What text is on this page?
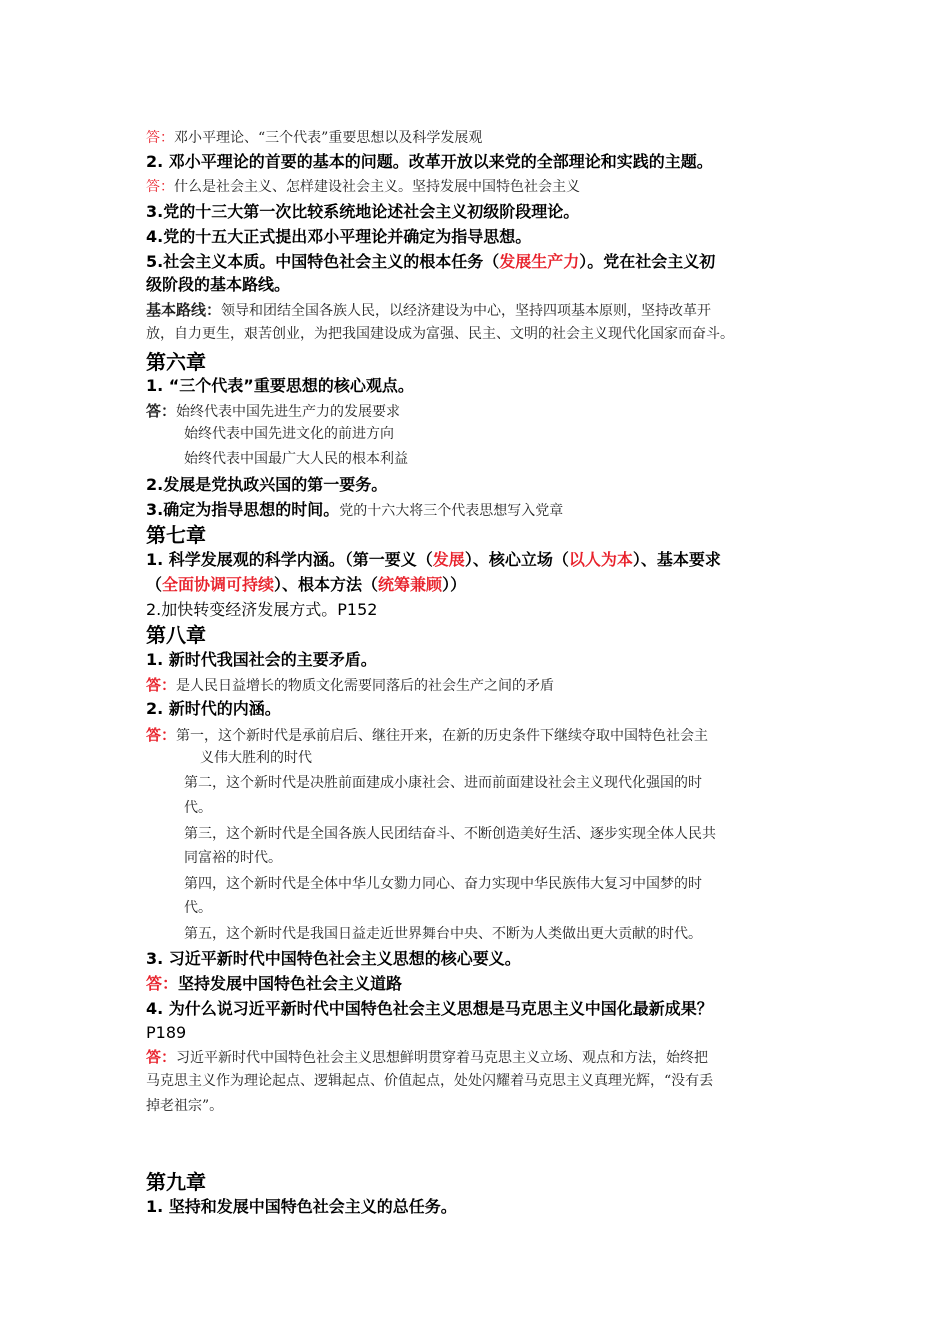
答：邓小平理论、“三个代表”重要思想以及科学发展观
2. 邓小平理论的首要的基本的问题。改革开放以来党的全部理论和实践的主题。
答：什么是社会主义、怎样建设社会主义。坚持发展中国特色社会主义
3.党的十三大第一次比较系统地论述社会主义初级阶段理论。
4.党的十五大正式提出邓小平理论并确定为指导思想。
5.社会主义本质。中国特色社会主义的根本任务（发展生产力）。党在社会主义初
级阶段的基本路线。
基本路线：领导和团结全国各族人民，以经济建设为中心，坚持四项基本原则，坚持改革开
放，自力更生，艰苦创业，为把我国建设成为富强、民主、文明的社会主义现代化国家而奋斗。
第六章
1. “三个代表”重要思想的核心观点。
答：始终代表中国先进生产力的发展要求
始终代表中国先进文化的前进方向
始终代表中国最广大人民的根本利益
2.发展是党执政兴国的第一要务。
3.确定为指导思想的时间。党的十六大将三个代表思想写入党章
第七章
1. 科学发展观的科学内涵。（第一要义（发展）、核心立场（以人为本）、基本要求
（全面协调可持续）、根本方法（统筹兼顾））
2.加快转变经济发展方式。P152
第八章
1. 新时代我国社会的主要矛盾。
答：是人民日益增长的物质文化需要同落后的社会生产之间的矛盾
2. 新时代的内涵。
答：第一，这个新时代是承前启后、继往开来，在新的历史条件下继续夺取中国特色社会主
义伟大胜利的时代
第二，这个新时代是决胜前面建成小康社会、进而前面建设社会主义现代化强国的时
代。
第三，这个新时代是全国各族人民团结奋斗、不断创造美好生活、逐步实现全体人民共
同富裕的时代。
第四，这个新时代是全体中华儿女勠力同心、奋力实现中华民族伟大复习中国梦的时
代。
第五，这个新时代是我国日益走近世界舞台中央、不断为人类做出更大贡献的时代。
3. 习近平新时代中国特色社会主义思想的核心要义。
答：坚持发展中国特色社会主义道路
4. 为什么说习近平新时代中国特色社会主义思想是马克思主义中国化最新成果？
P189
答：习近平新时代中国特色社会主义思想鲜明贯穿着马克思主义立场、观点和方法，始终把
马克思主义作为理论起点、逻辑起点、价值起点，处处闪耀着马克思主义真理光辉，“没有丢
掉老祖宗”。
第九章
1. 坚持和发展中国特色社会主义的总任务。
